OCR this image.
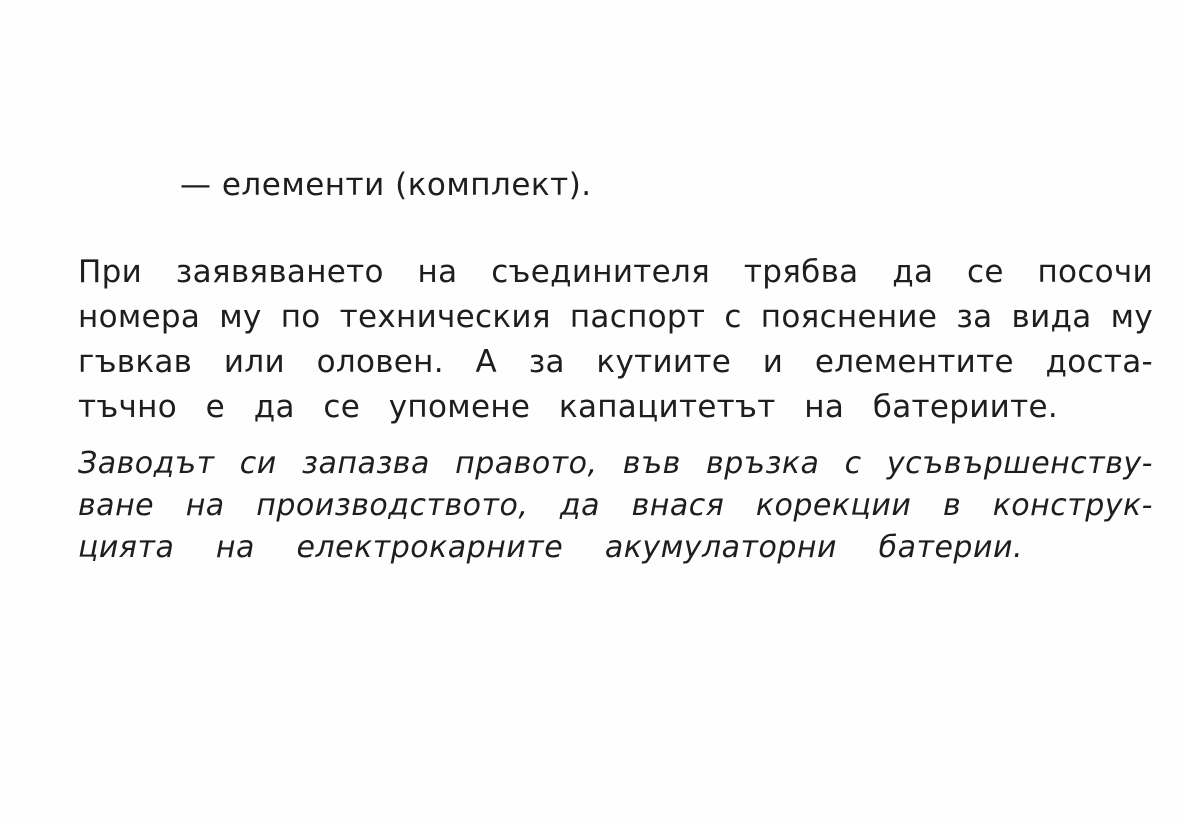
— елементи (комплект).
При заявяването на съединителя трябва да се посочи
номера му по техническия паспорт с пояснение за вида му
гъвкав или оловен. А за кутиите и елементите доста-
тъчно е да се упомене капацитетът на батериите.
Заводът си запазва правото, във връзка с усъвършенству-
ване на производството, да внася корекции в конструк-
цията на електрокарните акумулаторни батерии.
